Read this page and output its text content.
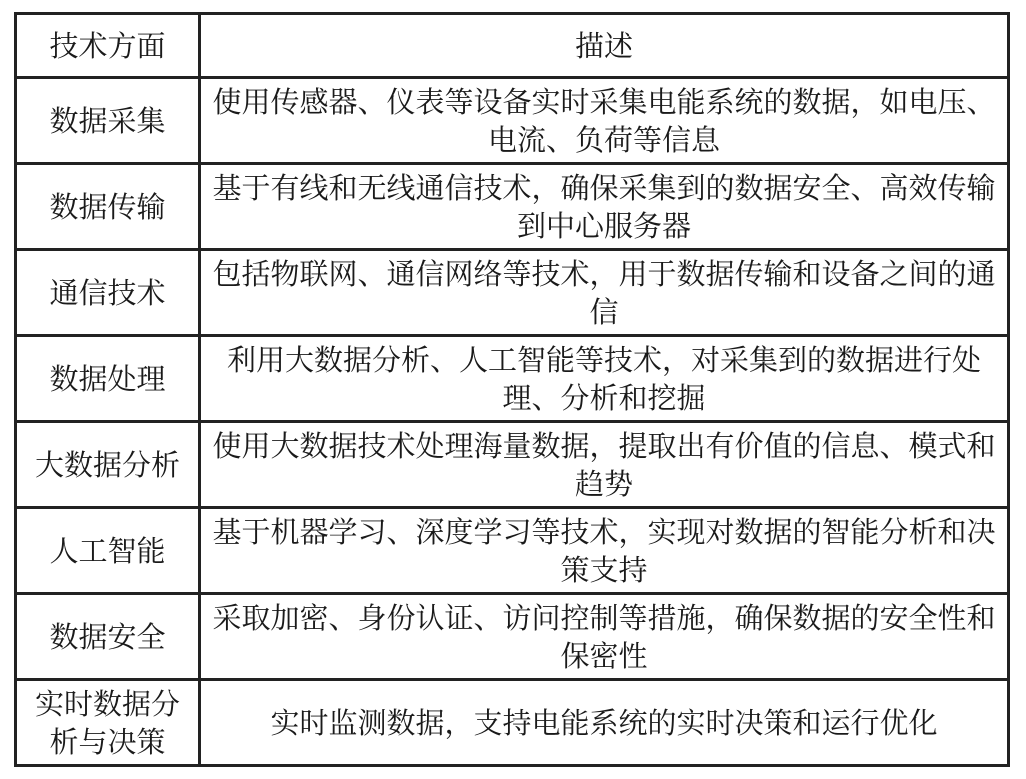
技术方面	描述
数据采集	使用传感器、仪表等设备实时采集电能系统的数据，如电压、电流、负荷等信息
数据传输	基于有线和无线通信技术，确保采集到的数据安全、高效传输到中心服务器
通信技术	包括物联网、通信网络等技术，用于数据传输和设备之间的通信
数据处理	利用大数据分析、人工智能等技术，对采集到的数据进行处理、分析和挖掘
大数据分析	使用大数据技术处理海量数据，提取出有价值的信息、模式和趋势
人工智能	基于机器学习、深度学习等技术，实现对数据的智能分析和决策支持
数据安全	采取加密、身份认证、访问控制等措施，确保数据的安全性和保密性
实时数据分析与决策	实时监测数据，支持电能系统的实时决策和运行优化
